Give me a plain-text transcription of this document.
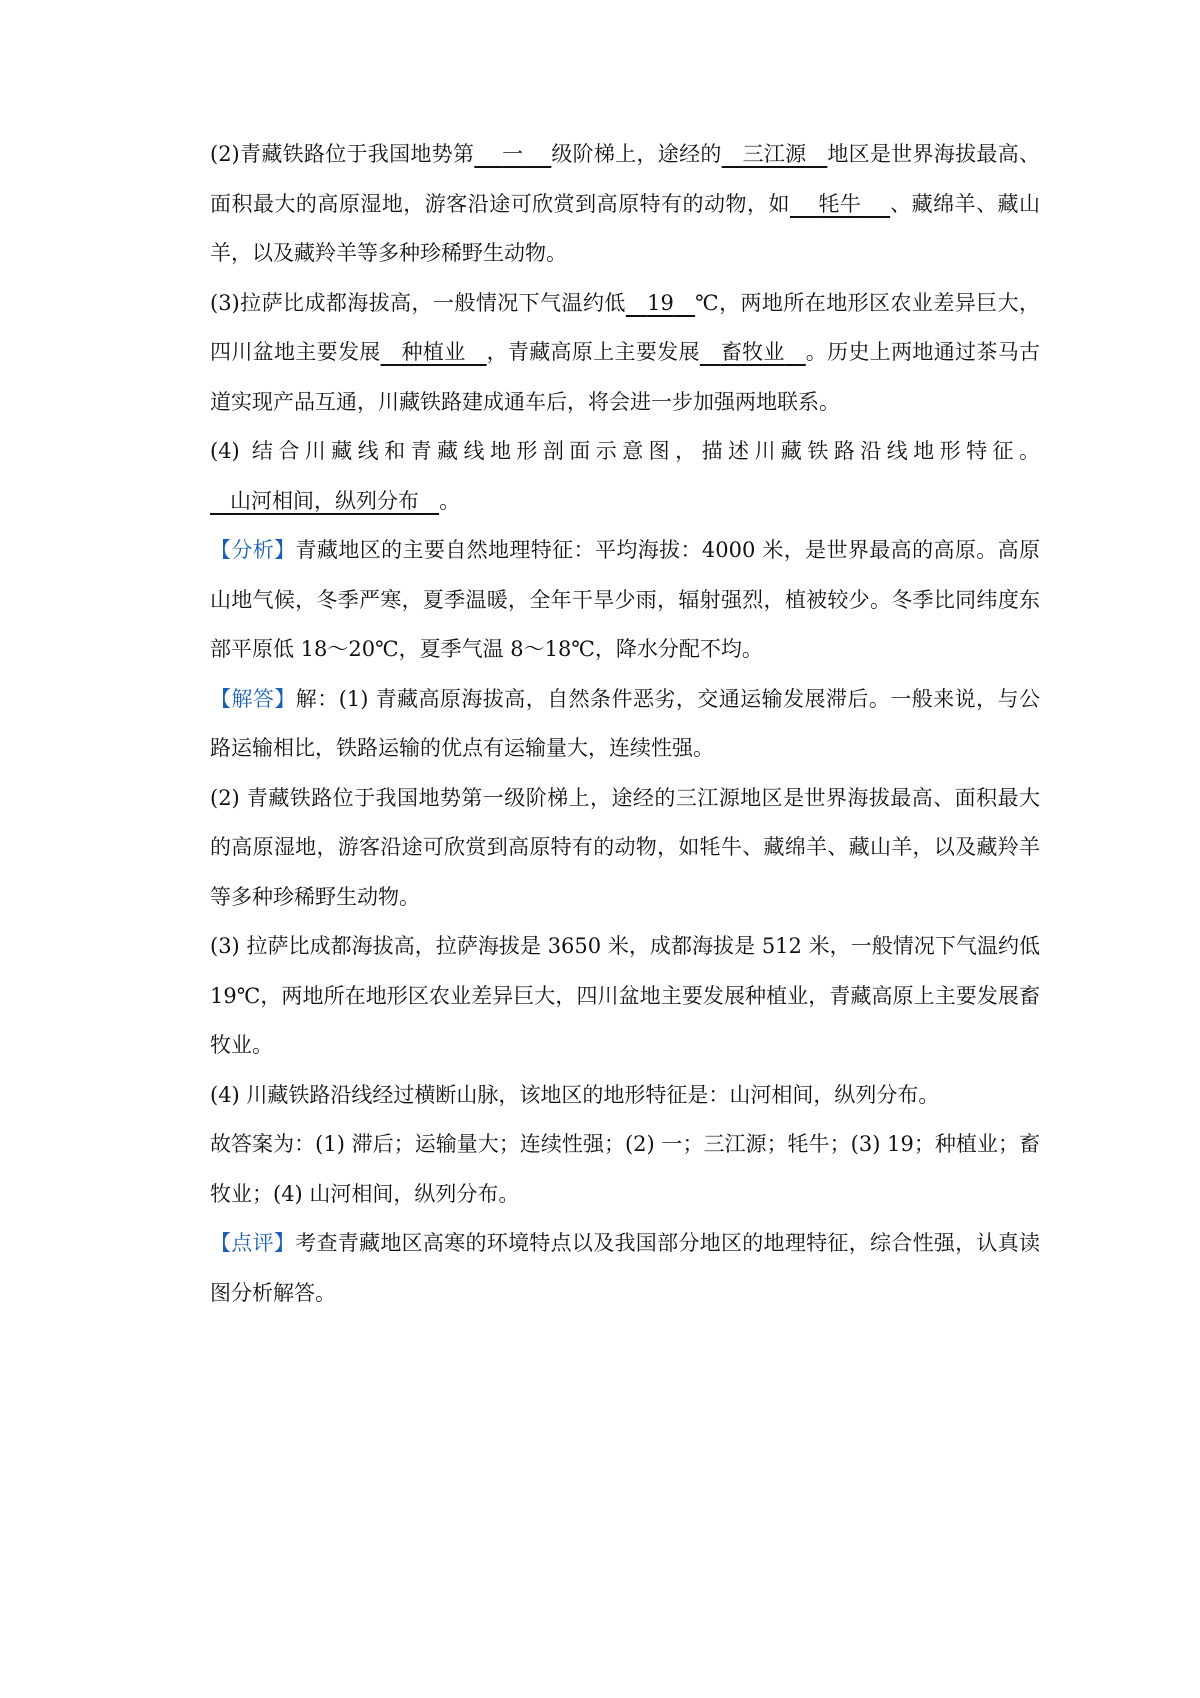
(2)青藏铁路位于我国地势第 一 级阶梯上，途经的 三江源 地区是世界海拔最高、面积最大的高原湿地，游客沿途可欣赏到高原特有的动物，如 牦牛 、藏绵羊、藏山羊，以及藏羚羊等多种珍稀野生动物。

(3)拉萨比成都海拔高，一般情况下气温约低 19 ℃，两地所在地形区农业差异巨大，四川盆地主要发展 种植业 ，青藏高原上主要发展 畜牧业 。历史上两地通过茶马古道实现产品互通，川藏铁路建成通车后，将会进一步加强两地联系。

(4) 结合川藏线和青藏线地形剖面示意图，描述川藏铁路沿线地形特征。   山河相间，纵列分布 。

【分析】青藏地区的主要自然地理特征：平均海拔：4000 米，是世界最高的高原。高原山地气候，冬季严寒，夏季温暖，全年干旱少雨，辐射强烈，植被较少。冬季比同纬度东部平原低 18～20℃，夏季气温 8～18℃，降水分配不均。

【解答】解：(1) 青藏高原海拔高，自然条件恶劣，交通运输发展滞后。一般来说，与公路运输相比，铁路运输的优点有运输量大，连续性强。

(2) 青藏铁路位于我国地势第一级阶梯上，途经的三江源地区是世界海拔最高、面积最大的高原湿地，游客沿途可欣赏到高原特有的动物，如牦牛、藏绵羊、藏山羊，以及藏羚羊等多种珍稀野生动物。

(3) 拉萨比成都海拔高，拉萨海拔是 3650 米，成都海拔是 512 米，一般情况下气温约低 19℃，两地所在地形区农业差异巨大，四川盆地主要发展种植业，青藏高原上主要发展畜牧业。

(4) 川藏铁路沿线经过横断山脉，该地区的地形特征是：山河相间，纵列分布。

故答案为：(1) 滞后；运输量大；连续性强；(2) 一；三江源；牦牛；(3) 19；种植业；畜牧业；(4) 山河相间，纵列分布。

【点评】考查青藏地区高寒的环境特点以及我国部分地区的地理特征，综合性强，认真读图分析解答。
